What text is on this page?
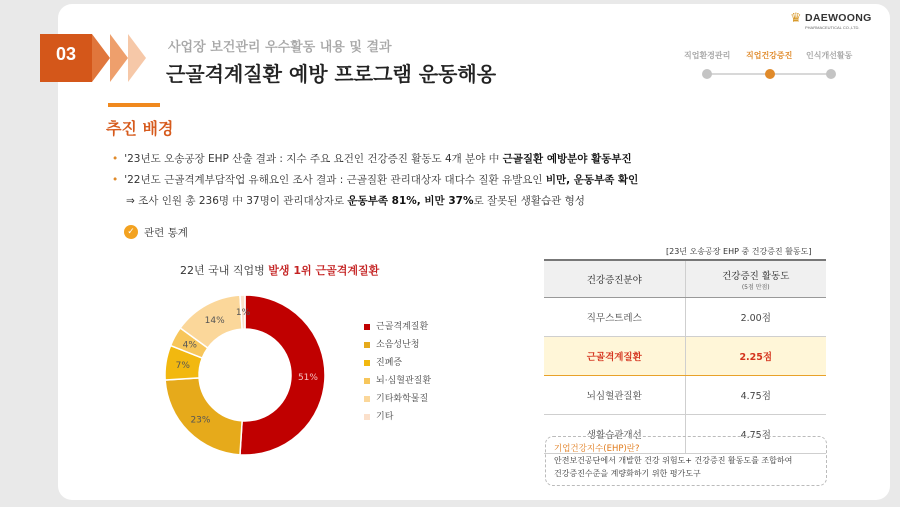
03	사업장 보건관리 우수활동 내용 및 결과
근골격계질환 예방 프로그램 운동해옹
♛ DAEWOONG
PHARMACEUTICAL CO.,LTD.
직업환경관리 직업건강증진 인식개선활동
추진 배경
• '23년도 오송공장 EHP 산출 결과 : 지수 주요 요건인 건강증진 활동도 4개 분야 中 근골질환 예방분야 활동부진
• '22년도 근골격계부담작업 유해요인 조사 결과 : 근골질환 관리대상자 대다수 질환 유발요인 비만, 운동부족 확인
⇒ 조사 인원 총 236명 中 37명이 관리대상자로 운동부족 81%, 비만 37%로 잘못된 생활습관 형성
✓ 관련 통계
22년 국내 직업병 발생 1위 근골격계질환
51%
23%
7%
4%
14%
1%
근골격계질환
소음성난청
진폐증
뇌·심혈관질환
기타화학물질
기타
[23년 오송공장 EHP 중 건강증진 활동도]
건강증진분야	건강증진 활동도
(5점 만점)

직무스트레스	2.00점
근골격계질환	2.25점
뇌심혈관질환	4.75점
생활습관개선	4.75점
기업건강지수(EHP)란?
안전보건공단에서 개발한 건강 위험도+ 건강증진 활동도를 조합하여
건강증진수준을 계량화하기 위한 평가도구
